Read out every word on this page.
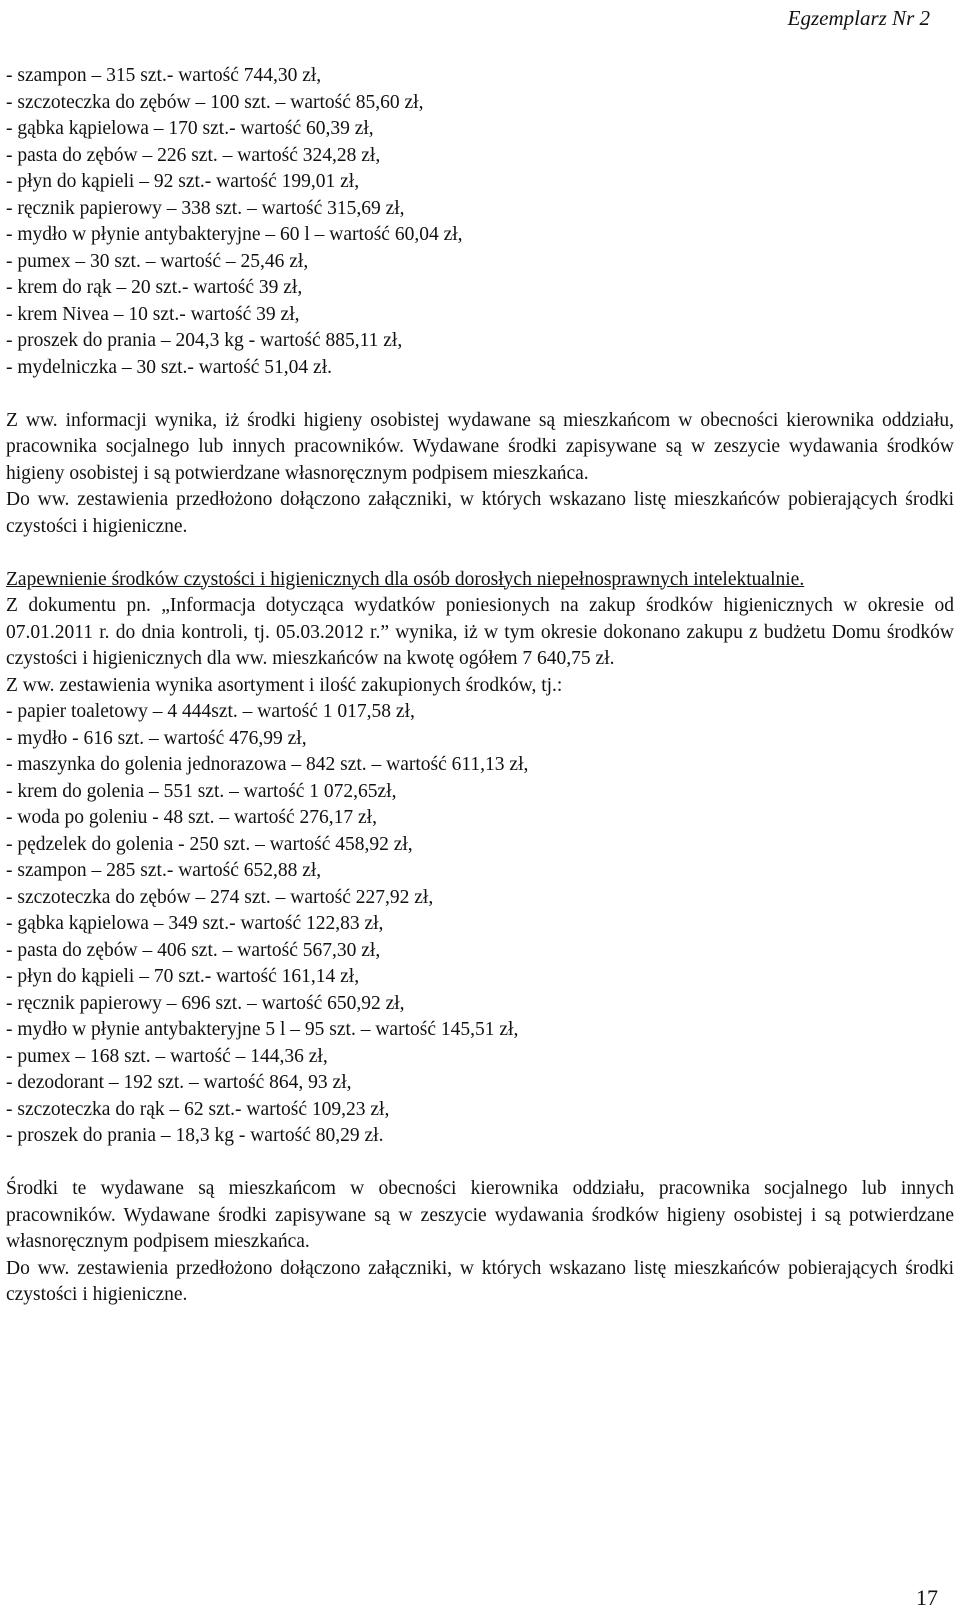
Egzemplarz Nr 2
- szampon – 315 szt.- wartość 744,30 zł,
- szczoteczka do zębów – 100 szt. – wartość 85,60 zł,
- gąbka kąpielowa – 170 szt.- wartość 60,39 zł,
- pasta do zębów – 226 szt. – wartość 324,28 zł,
- płyn do kąpieli – 92 szt.- wartość 199,01 zł,
- ręcznik papierowy – 338 szt. – wartość 315,69 zł,
- mydło w płynie antybakteryjne – 60 l – wartość 60,04 zł,
- pumex – 30 szt. – wartość – 25,46 zł,
- krem do rąk – 20 szt.- wartość 39 zł,
- krem Nivea – 10 szt.- wartość 39 zł,
- proszek do prania – 204,3 kg - wartość 885,11 zł,
- mydelniczka – 30 szt.- wartość 51,04 zł.

Z ww. informacji wynika, iż środki higieny osobistej wydawane są mieszkańcom w obecności kierownika oddziału, pracownika socjalnego lub innych pracowników. Wydawane środki zapisywane są w zeszycie wydawania środków higieny osobistej i są potwierdzane własnoręcznym podpisem mieszkańca.

Do ww. zestawienia przedłożono dołączono załączniki, w których wskazano listę mieszkańców pobierających środki czystości i higieniczne.

Zapewnienie środków czystości i higienicznych dla osób dorosłych niepełnosprawnych intelektualnie.
Z dokumentu pn. „Informacja dotycząca wydatków poniesionych na zakup środków higienicznych w okresie od 07.01.2011 r. do dnia kontroli, tj. 05.03.2012 r.” wynika, iż w tym okresie dokonano zakupu z budżetu Domu środków czystości i higienicznych dla ww. mieszkańców na kwotę ogółem 7 640,75 zł.
Z ww. zestawienia wynika asortyment i ilość zakupionych środków, tj.:
- papier toaletowy – 4 444szt. – wartość 1 017,58 zł,
- mydło - 616 szt. – wartość 476,99 zł,
- maszynka do golenia jednorazowa – 842 szt. – wartość 611,13 zł,
- krem do golenia – 551 szt. – wartość 1 072,65zł,
- woda po goleniu - 48 szt. – wartość 276,17 zł,
- pędzelek do golenia - 250 szt. – wartość 458,92 zł,
- szampon – 285 szt.- wartość 652,88 zł,
- szczoteczka do zębów – 274 szt. – wartość 227,92 zł,
- gąbka kąpielowa – 349 szt.- wartość 122,83 zł,
- pasta do zębów – 406 szt. – wartość 567,30 zł,
- płyn do kąpieli – 70 szt.- wartość 161,14 zł,
- ręcznik papierowy – 696 szt. – wartość 650,92 zł,
- mydło w płynie antybakteryjne 5 l – 95 szt. – wartość 145,51 zł,
- pumex – 168 szt. – wartość – 144,36 zł,
- dezodorant – 192 szt. – wartość 864, 93 zł,
- szczoteczka do rąk – 62 szt.- wartość 109,23 zł,
- proszek do prania – 18,3 kg - wartość 80,29 zł.

Środki te wydawane są mieszkańcom w obecności kierownika oddziału, pracownika socjalnego lub innych pracowników. Wydawane środki zapisywane są w zeszycie wydawania środków higieny osobistej i są potwierdzane własnoręcznym podpisem mieszkańca.

Do ww. zestawienia przedłożono dołączono załączniki, w których wskazano listę mieszkańców pobierających środki czystości i higieniczne.

17
